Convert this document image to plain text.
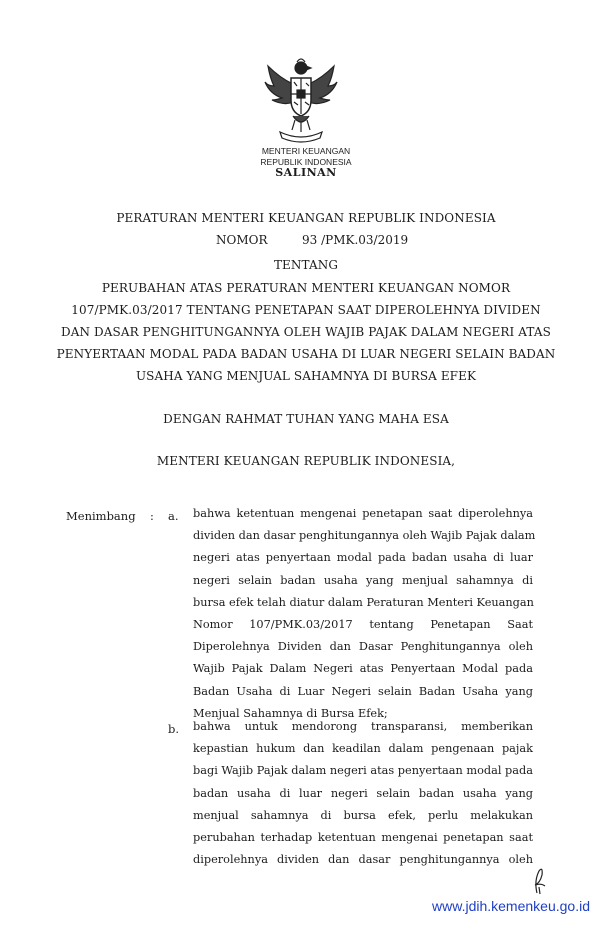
MENTERI KEUANGAN
REPUBLIK INDONESIA
SALINAN
PERATURAN MENTERI KEUANGAN REPUBLIK INDONESIA
NOMOR	93 /PMK.03/2019
TENTANG
PERUBAHAN ATAS PERATURAN MENTERI KEUANGAN NOMOR
107/PMK.03/2017 TENTANG PENETAPAN SAAT DIPEROLEHNYA DIVIDEN
DAN DASAR PENGHITUNGANNYA OLEH WAJIB PAJAK DALAM NEGERI ATAS
PENYERTAAN MODAL PADA BADAN USAHA DI LUAR NEGERI SELAIN BADAN
USAHA YANG MENJUAL SAHAMNYA DI BURSA EFEK
DENGAN RAHMAT TUHAN YANG MAHA ESA
MENTERI KEUANGAN REPUBLIK INDONESIA,
Menimbang : a. bahwa ketentuan mengenai penetapan saat diperolehnya
dividen dan dasar penghitungannya oleh Wajib Pajak dalam
negeri atas penyertaan modal pada badan usaha di luar
negeri selain badan usaha yang menjual sahamnya di
bursa efek telah diatur dalam Peraturan Menteri Keuangan
Nomor 107/PMK.03/2017 tentang Penetapan Saat
Diperolehnya Dividen dan Dasar Penghitungannya oleh
Wajib Pajak Dalam Negeri atas Penyertaan Modal pada
Badan Usaha di Luar Negeri selain Badan Usaha yang
Menjual Sahamnya di Bursa Efek;
b. bahwa untuk mendorong transparansi, memberikan
kepastian hukum dan keadilan dalam pengenaan pajak
bagi Wajib Pajak dalam negeri atas penyertaan modal pada
badan usaha di luar negeri selain badan usaha yang
menjual sahamnya di bursa efek, perlu melakukan
perubahan terhadap ketentuan mengenai penetapan saat
diperolehnya dividen dan dasar penghitungannya oleh
www.jdih.kemenkeu.go.id
